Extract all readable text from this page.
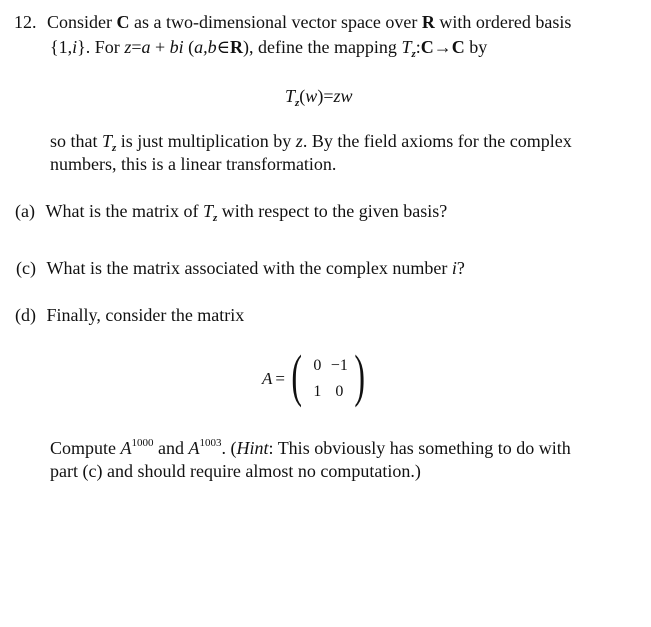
12. Consider C as a two-dimensional vector space over R with ordered basis
{1,i}. For z=a + bi (a,b∈R), define the mapping $T_z:C\to C$ by
$T_z(w)=zw$
so that $T_z$ is just multiplication by z. By the field axioms for the complex
numbers, this is a linear transformation.
(a) What is the matrix of $T_z$ with respect to the given basis?
(c) What is the matrix associated with the complex number i?
(d) Finally, consider the matrix
A = ( 0 −1
1 0 )
Compute $A^{1000}$ and $A^{1003}$. (Hint: This obviously has something to do with
part (c) and should require almost no computation.)
